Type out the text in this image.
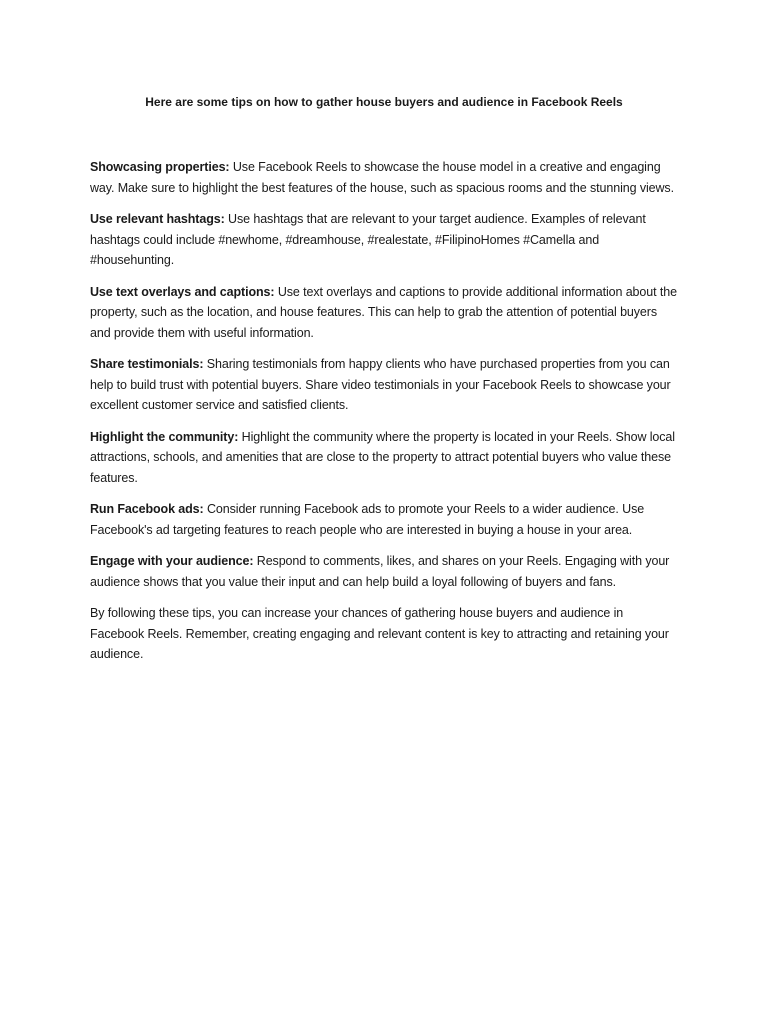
Here are some tips on how to gather house buyers and audience in Facebook Reels

Showcasing properties: Use Facebook Reels to showcase the house model in a creative and engaging way. Make sure to highlight the best features of the house, such as spacious rooms and the stunning views.

Use relevant hashtags: Use hashtags that are relevant to your target audience. Examples of relevant hashtags could include #newhome, #dreamhouse, #realestate, #FilipinoHomes #Camella and #househunting.

Use text overlays and captions: Use text overlays and captions to provide additional information about the property, such as the location, and house features. This can help to grab the attention of potential buyers and provide them with useful information.

Share testimonials: Sharing testimonials from happy clients who have purchased properties from you can help to build trust with potential buyers. Share video testimonials in your Facebook Reels to showcase your excellent customer service and satisfied clients.

Highlight the community: Highlight the community where the property is located in your Reels. Show local attractions, schools, and amenities that are close to the property to attract potential buyers who value these features.

Run Facebook ads: Consider running Facebook ads to promote your Reels to a wider audience. Use Facebook's ad targeting features to reach people who are interested in buying a house in your area.

Engage with your audience: Respond to comments, likes, and shares on your Reels. Engaging with your audience shows that you value their input and can help build a loyal following of buyers and fans.

By following these tips, you can increase your chances of gathering house buyers and audience in Facebook Reels. Remember, creating engaging and relevant content is key to attracting and retaining your audience.
